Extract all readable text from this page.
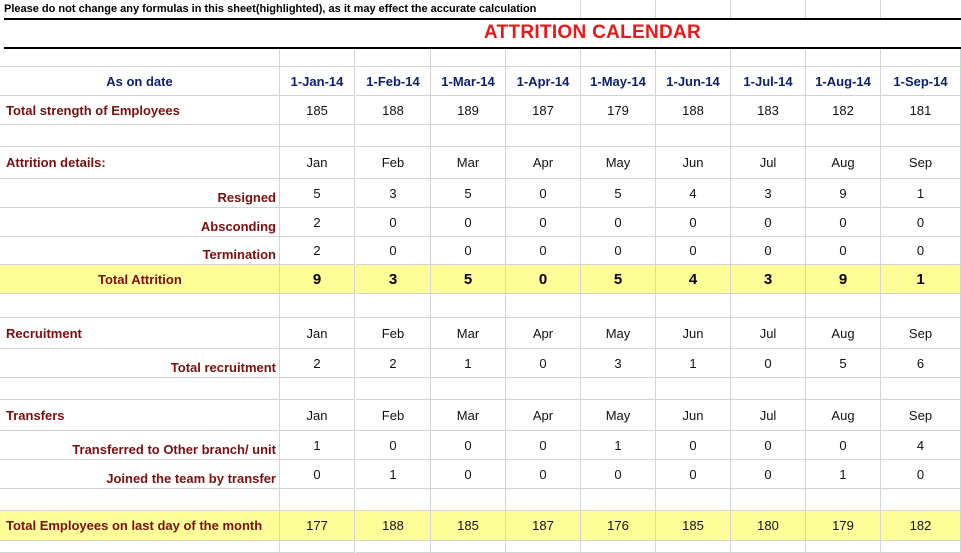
Please do not change any formulas in this sheet(highlighted), as it may effect the accurate calculation
ATTRITION CALENDAR
As on date	1-Jan-14	1-Feb-14	1-Mar-14	1-Apr-14	1-May-14	1-Jun-14	1-Jul-14	1-Aug-14	1-Sep-14
Total strength of Employees	185	188	189	187	179	188	183	182	181
Attrition details:	Jan	Feb	Mar	Apr	May	Jun	Jul	Aug	Sep
Resigned	5	3	5	0	5	4	3	9	1
Absconding	2	0	0	0	0	0	0	0	0
Termination	2	0	0	0	0	0	0	0	0
Total Attrition	9	3	5	0	5	4	3	9	1
Recruitment	Jan	Feb	Mar	Apr	May	Jun	Jul	Aug	Sep
Total recruitment	2	2	1	0	3	1	0	5	6
Transfers	Jan	Feb	Mar	Apr	May	Jun	Jul	Aug	Sep
Transferred to Other branch/ unit	1	0	0	0	1	0	0	0	4
Joined the team by transfer	0	1	0	0	0	0	0	1	0
Total Employees on last day of the month	177	188	185	187	176	185	180	179	182
